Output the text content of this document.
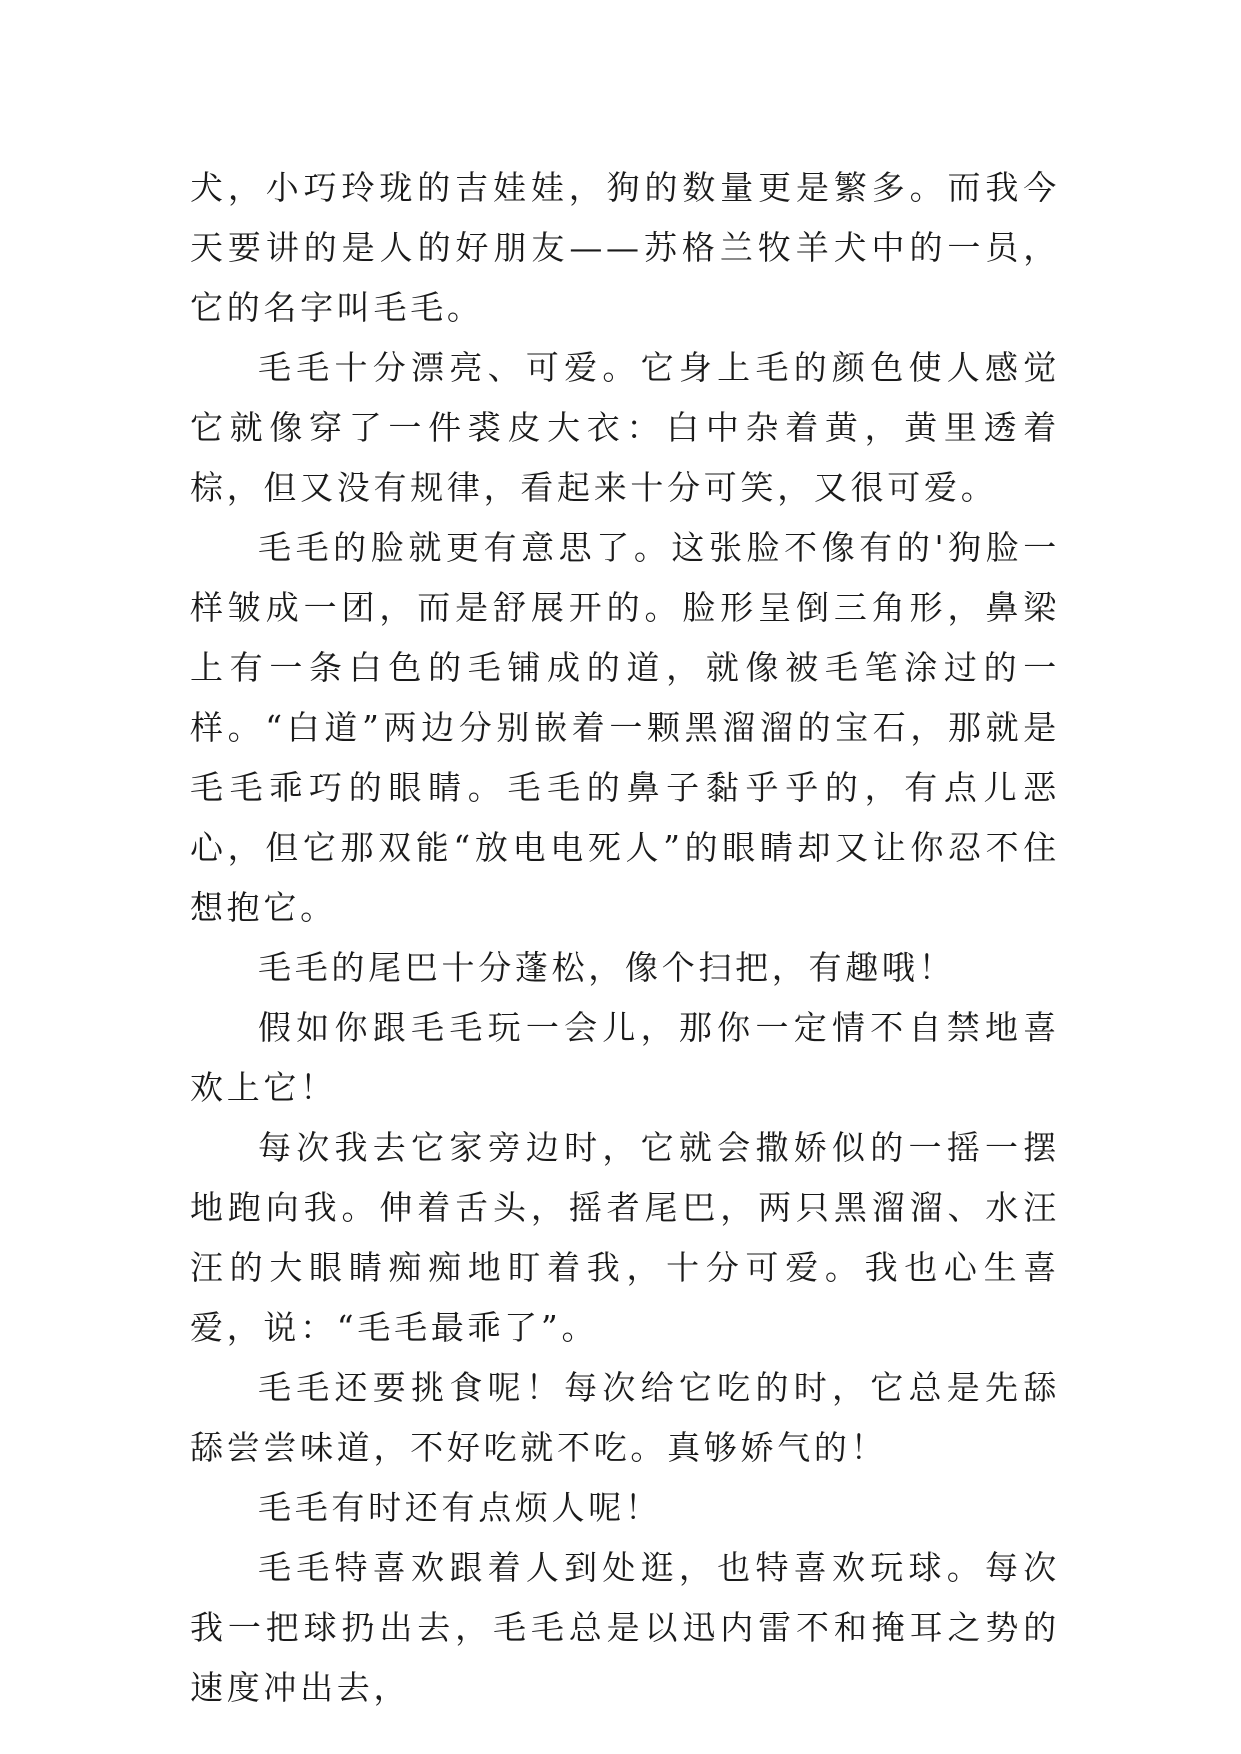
犬，小巧玲珑的吉娃娃，狗的数量更是繁多。而我今天要讲的是人的好朋友——苏格兰牧羊犬中的一员，它的名字叫毛毛。

毛毛十分漂亮、可爱。它身上毛的颜色使人感觉它就像穿了一件裘皮大衣：白中杂着黄，黄里透着棕，但又没有规律，看起来十分可笑，又很可爱。

毛毛的脸就更有意思了。这张脸不像有的'狗脸一样皱成一团，而是舒展开的。脸形呈倒三角形，鼻梁上有一条白色的毛铺成的道，就像被毛笔涂过的一样。“白道”两边分别嵌着一颗黑溜溜的宝石，那就是毛毛乖巧的眼睛。毛毛的鼻子黏乎乎的，有点儿恶心，但它那双能“放电电死人”的眼睛却又让你忍不住想抱它。

毛毛的尾巴十分蓬松，像个扫把，有趣哦！

假如你跟毛毛玩一会儿，那你一定情不自禁地喜欢上它！

每次我去它家旁边时，它就会撒娇似的一摇一摆地跑向我。伸着舌头，摇者尾巴，两只黑溜溜、水汪汪的大眼睛痴痴地盯着我，十分可爱。我也心生喜爱，说：“毛毛最乖了”。

毛毛还要挑食呢！每次给它吃的时，它总是先舔舔尝尝味道，不好吃就不吃。真够娇气的！

毛毛有时还有点烦人呢！

毛毛特喜欢跟着人到处逛，也特喜欢玩球。每次我一把球扔出去，毛毛总是以迅内雷不和掩耳之势的速度冲出去，
